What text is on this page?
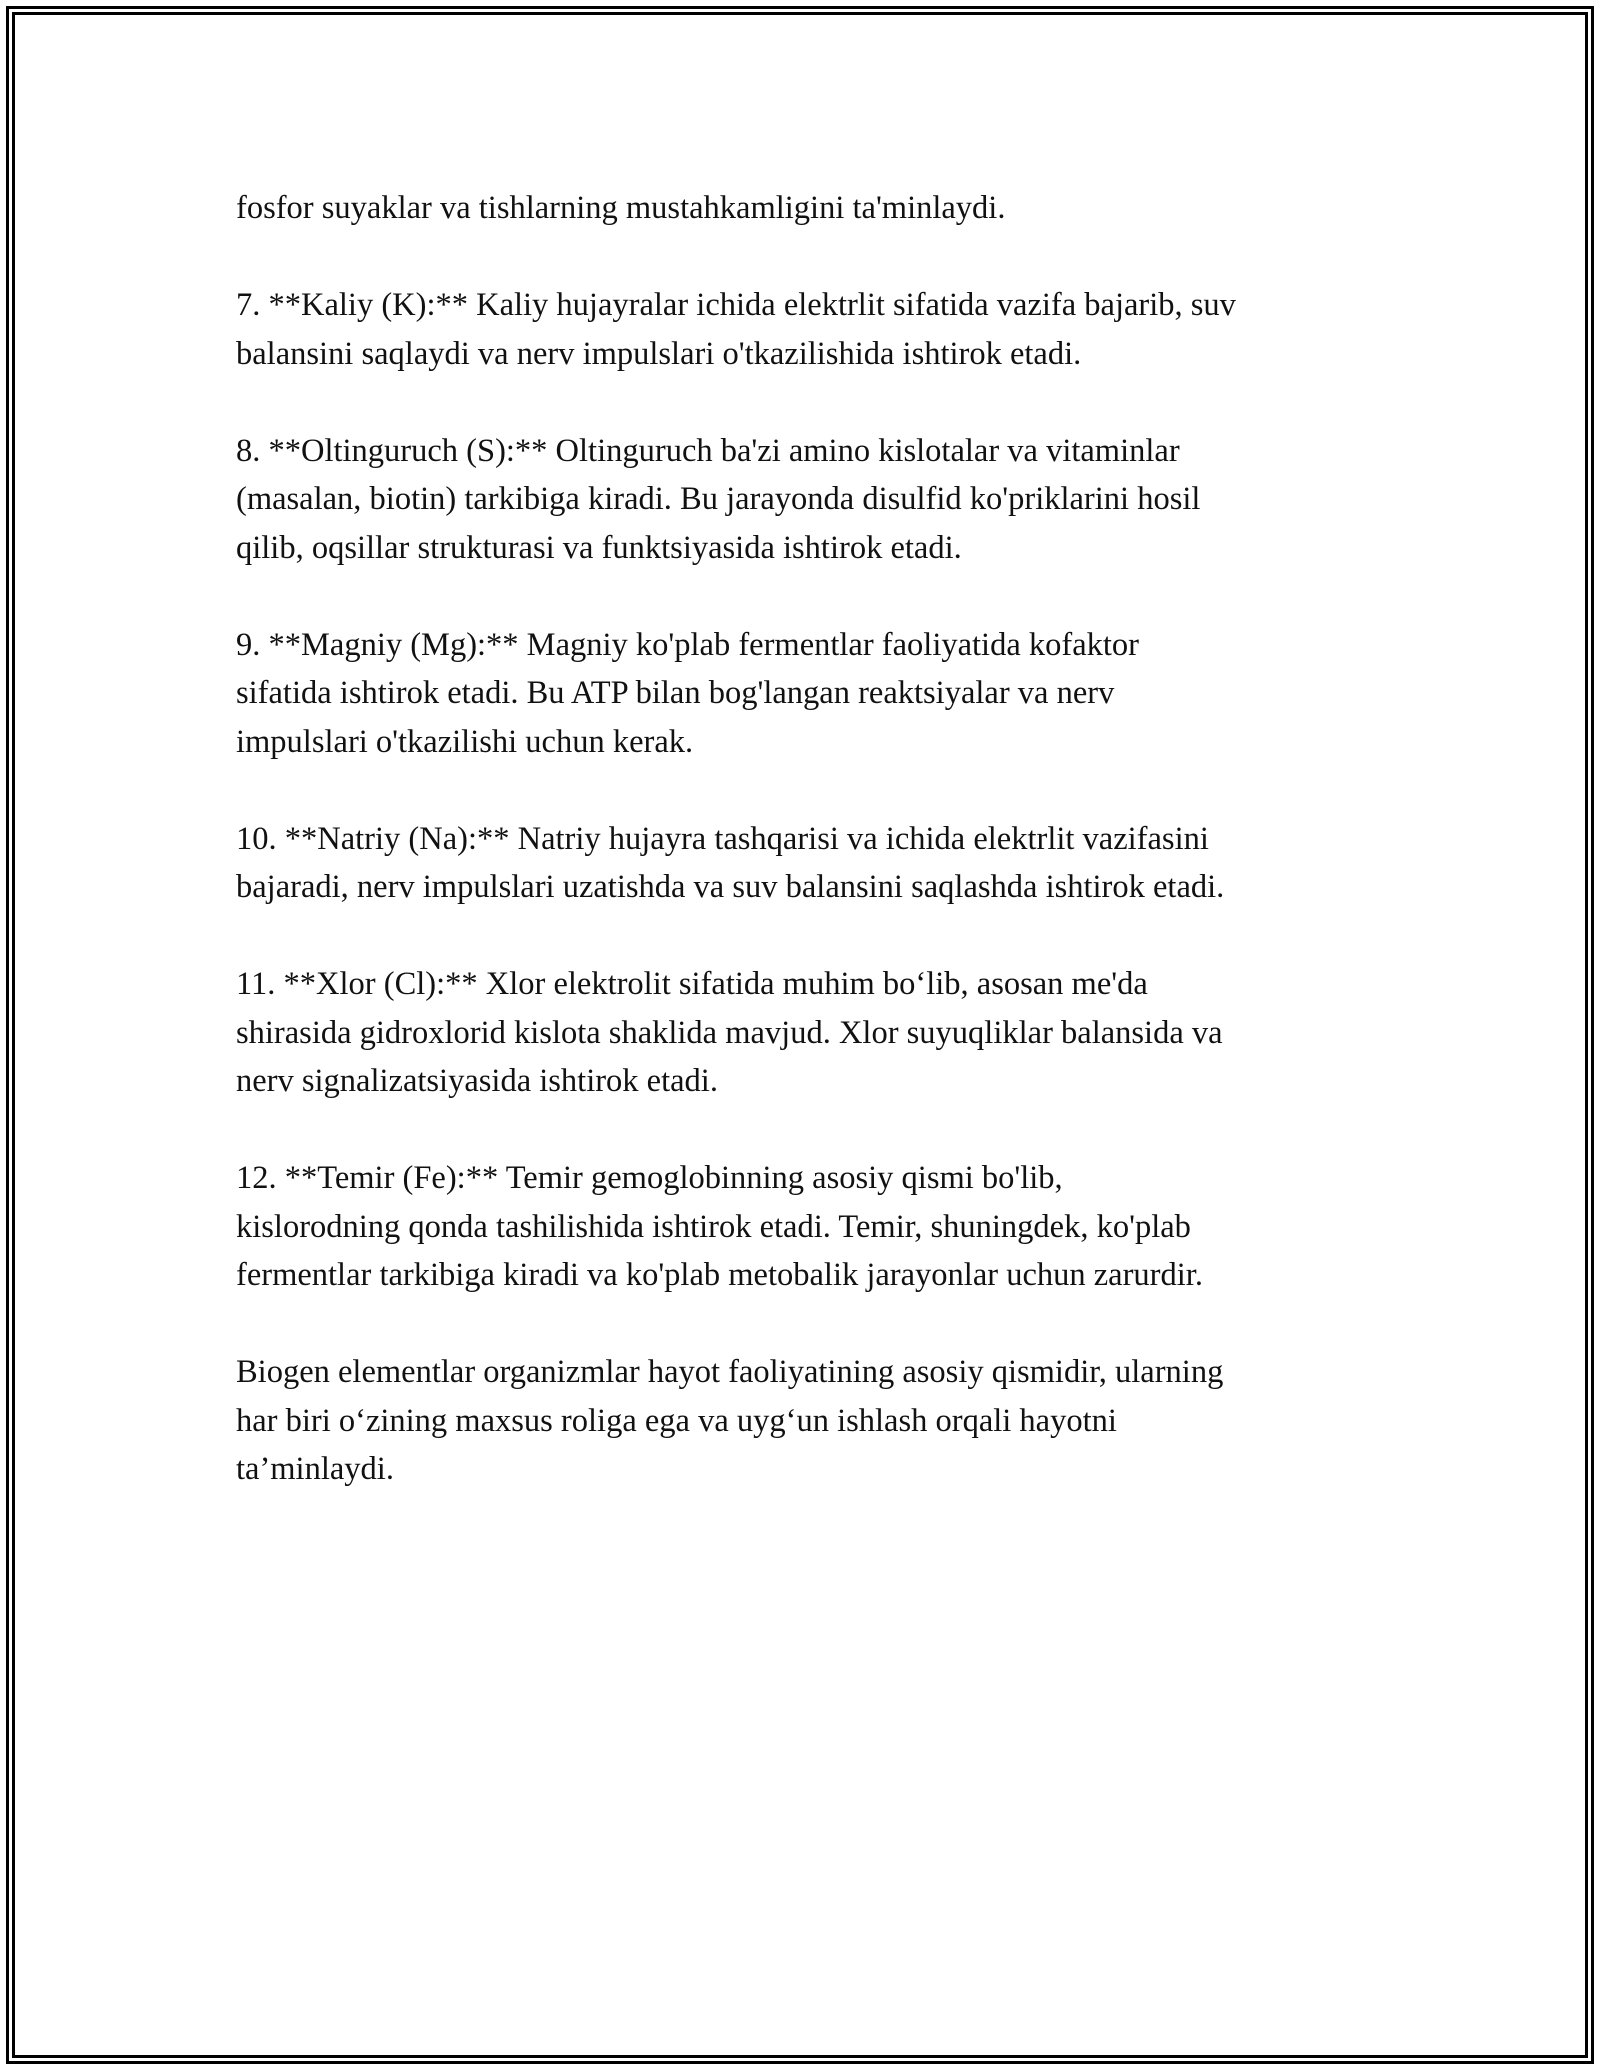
fosfor suyaklar va tishlarning mustahkamligini ta'minlaydi.

7. **Kaliy (K):** Kaliy hujayralar ichida elektrlit sifatida vazifa bajarib, suv
balansini saqlaydi va nerv impulslari o'tkazilishida ishtirok etadi.

8. **Oltinguruch (S):** Oltinguruch ba'zi amino kislotalar va vitaminlar
(masalan, biotin) tarkibiga kiradi. Bu jarayonda disulfid ko'priklarini hosil
qilib, oqsillar strukturasi va funktsiyasida ishtirok etadi.

9. **Magniy (Mg):** Magniy ko'plab fermentlar faoliyatida kofaktor
sifatida ishtirok etadi. Bu ATP bilan bog'langan reaktsiyalar va nerv
impulslari o'tkazilishi uchun kerak.

10. **Natriy (Na):** Natriy hujayra tashqarisi va ichida elektrlit vazifasini
bajaradi, nerv impulslari uzatishda va suv balansini saqlashda ishtirok etadi.

11. **Xlor (Cl):** Xlor elektrolit sifatida muhim bo‘lib, asosan me'da
shirasida gidroxlorid kislota shaklida mavjud. Xlor suyuqliklar balansida va
nerv signalizatsiyasida ishtirok etadi.

12. **Temir (Fe):** Temir gemoglobinning asosiy qismi bo'lib,
kislorodning qonda tashilishida ishtirok etadi. Temir, shuningdek, ko'plab
fermentlar tarkibiga kiradi va ko'plab metobalik jarayonlar uchun zarurdir.

Biogen elementlar organizmlar hayot faoliyatining asosiy qismidir, ularning
har biri o‘zining maxsus roliga ega va uyg‘un ishlash orqali hayotni
ta’minlaydi.
